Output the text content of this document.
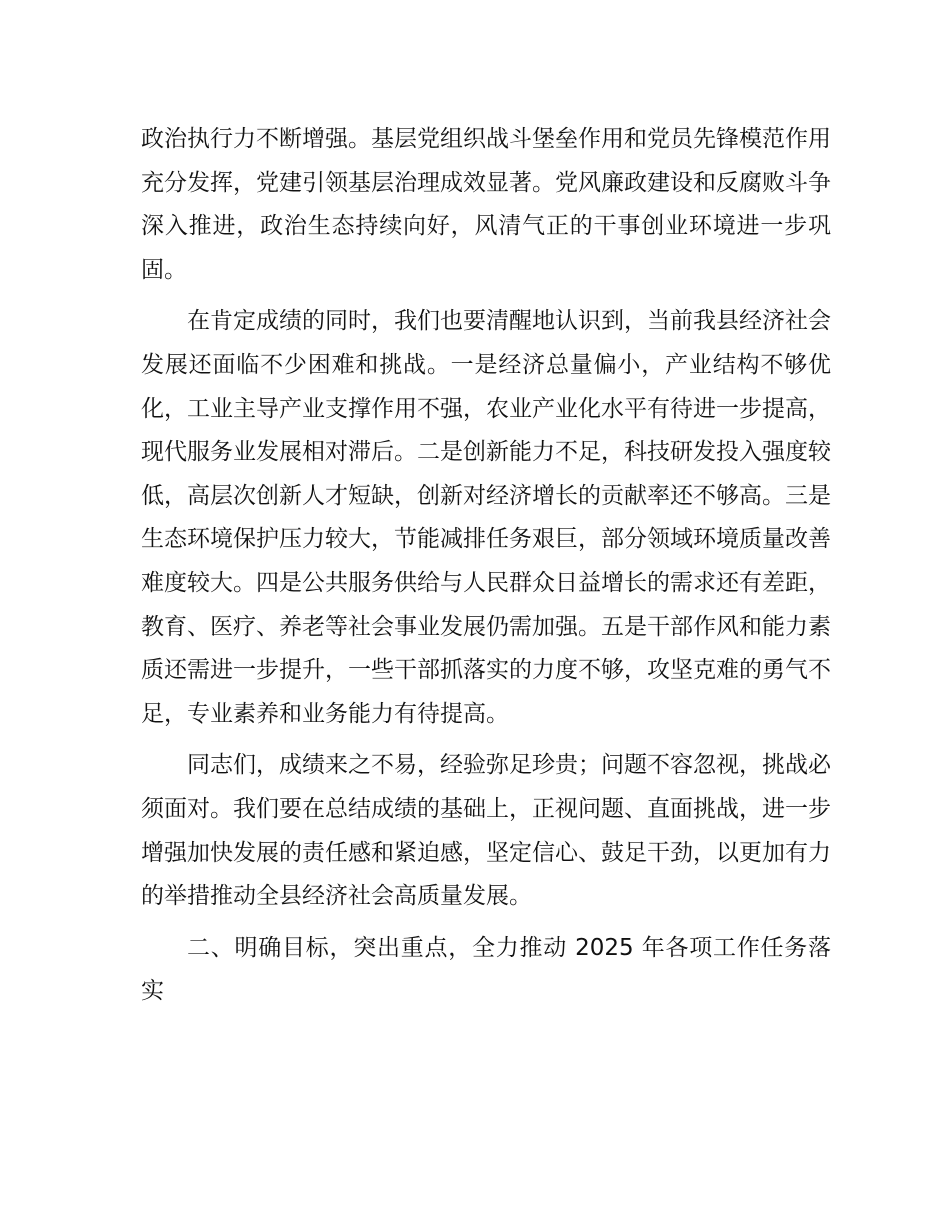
政治执行力不断增强。基层党组织战斗堡垒作用和党员先锋模范作用充分发挥，党建引领基层治理成效显著。党风廉政建设和反腐败斗争深入推进，政治生态持续向好，风清气正的干事创业环境进一步巩固。

在肯定成绩的同时，我们也要清醒地认识到，当前我县经济社会发展还面临不少困难和挑战。一是经济总量偏小，产业结构不够优化，工业主导产业支撑作用不强，农业产业化水平有待进一步提高，现代服务业发展相对滞后。二是创新能力不足，科技研发投入强度较低，高层次创新人才短缺，创新对经济增长的贡献率还不够高。三是生态环境保护压力较大，节能减排任务艰巨，部分领域环境质量改善难度较大。四是公共服务供给与人民群众日益增长的需求还有差距，教育、医疗、养老等社会事业发展仍需加强。五是干部作风和能力素质还需进一步提升，一些干部抓落实的力度不够，攻坚克难的勇气不足，专业素养和业务能力有待提高。

同志们，成绩来之不易，经验弥足珍贵；问题不容忽视，挑战必须面对。我们要在总结成绩的基础上，正视问题、直面挑战，进一步增强加快发展的责任感和紧迫感，坚定信心、鼓足干劲，以更加有力的举措推动全县经济社会高质量发展。

二、明确目标，突出重点，全力推动 2025 年各项工作任务落实
